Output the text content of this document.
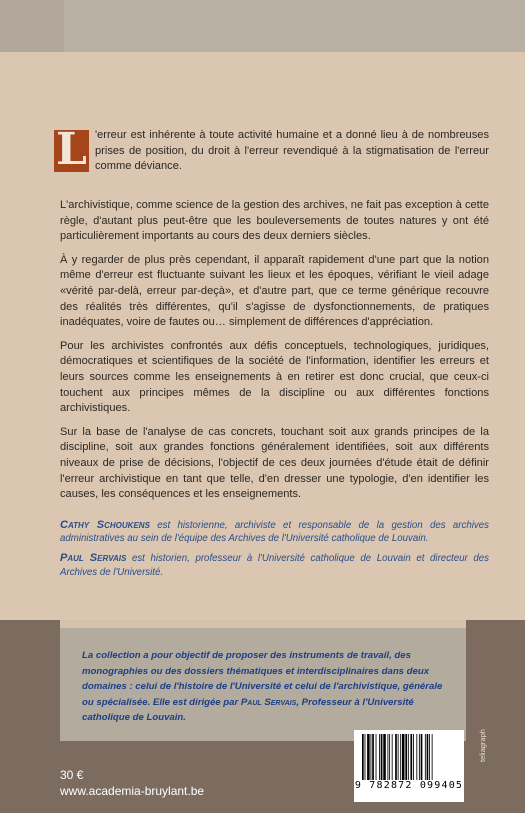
L 'erreur est inhérente à toute activité humaine et a donné lieu à de nombreuses prises de position, du droit à l'erreur revendiqué à la stigmatisation de l'erreur comme déviance.

L'archivistique, comme science de la gestion des archives, ne fait pas exception à cette règle, d'autant plus peut-être que les bouleversements de toutes natures y ont été particulièrement importants au cours des deux derniers siècles.

À y regarder de plus près cependant, il apparaît rapidement d'une part que la notion même d'erreur est fluctuante suivant les lieux et les époques, vérifiant le vieil adage «vérité par-delà, erreur par-deçà», et d'autre part, que ce terme générique recouvre des réalités très différentes, qu'il s'agisse de dysfonctionnements, de pratiques inadéquates, voire de fautes ou… simplement de différences d'appréciation.

Pour les archivistes confrontés aux défis conceptuels, technologiques, juridiques, démocratiques et scientifiques de la société de l'information, identifier les erreurs et leurs sources comme les enseignements à en retirer est donc crucial, que ceux-ci touchent aux principes mêmes de la discipline ou aux différentes fonctions archivistiques.

Sur la base de l'analyse de cas concrets, touchant soit aux grands principes de la discipline, soit aux grandes fonctions généralement identifiées, soit aux différents niveaux de prise de décisions, l'objectif de ces deux journées d'étude était de définir l'erreur archivistique en tant que telle, d'en dresser une typologie, d'en identifier les causes, les conséquences et les enseignements.

Cathy Schoukens est historienne, archiviste et responsable de la gestion des archives administratives au sein de l'équipe des Archives de l'Université catholique de Louvain.

Paul Servais est historien, professeur à l'Université catholique de Louvain et directeur des Archives de l'Université.

La collection a pour objectif de proposer des instruments de travail, des monographies ou des dossiers thématiques et interdisciplinaires dans deux domaines : celui de l'histoire de l'Université et celui de l'archivistique, générale ou spécialisée. Elle est dirigée par Paul Servais, Professeur à l'Université catholique de Louvain.
30 €
www.academia-bruylant.be	9 782872 099405
ISBN 978-2-87209-940-5
teliagraph
